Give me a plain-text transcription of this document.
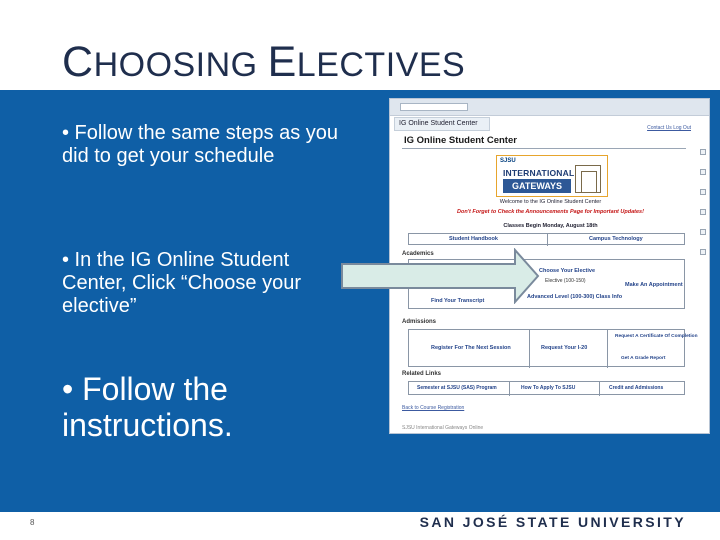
CHOOSING ELECTIVES
• Follow the same steps as you did to get your schedule
• In the IG Online Student Center, Click “Choose your elective”
• Follow the instructions.
IG Online Student Center
Contact Us Log Out
IG Online Student Center
SJSU
INTERNATIONAL
GATEWAYS
Welcome to the IG Online Student Center
Don't Forget to Check the Announcements Page for Important Updates!
Classes Begin Monday, August 18th
Student Handbook	Campus Technology
Academics
Choose Your Elective
Elective (100-150)
Advanced Level (100-300) Class Info
Find Your Transcript
Make An Appointment
Admissions
Register For The Next Session	Request Your I-20
Request A Certificate Of Completion
Get A Grade Report
Related Links
Semester at SJSU (SAS) Program	How To Apply To SJSU	Credit and Admissions
Back to Course Registration
SJSU International Gateways Online
SAN JOSÉ STATE UNIVERSITY
8
